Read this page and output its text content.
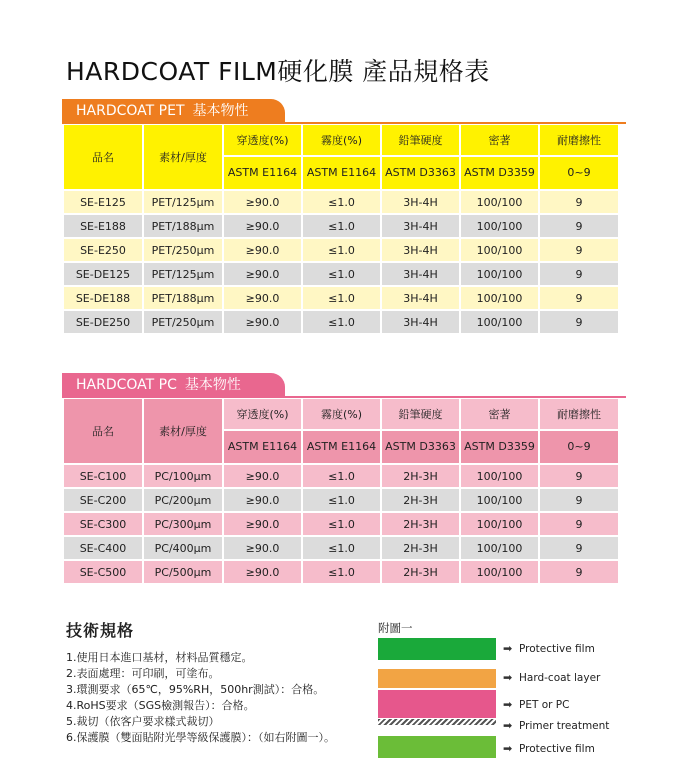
HARDCOAT FILM硬化膜 產品規格表
HARDCOAT PET 基本物性
品名	素材/厚度	穿透度(%)	霧度(%)	鉛筆硬度	密著	耐磨擦性
		ASTM E1164	ASTM E1164	ASTM D3363	ASTM D3359	0~9
SE-E125	PET/125μm	≥90.0	≤1.0	3H-4H	100/100	9
SE-E188	PET/188μm	≥90.0	≤1.0	3H-4H	100/100	9
SE-E250	PET/250μm	≥90.0	≤1.0	3H-4H	100/100	9
SE-DE125	PET/125μm	≥90.0	≤1.0	3H-4H	100/100	9
SE-DE188	PET/188μm	≥90.0	≤1.0	3H-4H	100/100	9
SE-DE250	PET/250μm	≥90.0	≤1.0	3H-4H	100/100	9
HARDCOAT PC 基本物性
品名	素材/厚度	穿透度(%)	霧度(%)	鉛筆硬度	密著	耐磨擦性
		ASTM E1164	ASTM E1164	ASTM D3363	ASTM D3359	0~9
SE-C100	PC/100μm	≥90.0	≤1.0	2H-3H	100/100	9
SE-C200	PC/200μm	≥90.0	≤1.0	2H-3H	100/100	9
SE-C300	PC/300μm	≥90.0	≤1.0	2H-3H	100/100	9
SE-C400	PC/400μm	≥90.0	≤1.0	2H-3H	100/100	9
SE-C500	PC/500μm	≥90.0	≤1.0	2H-3H	100/100	9
技術規格
1.使用日本進口基材，材料品質穩定。
2.表面處理：可印刷，可塗布。
3.環測要求（65℃，95%RH，500hr測試）：合格。
4.RoHS要求（SGS檢測報告）：合格。
5.裁切（依客户要求樣式裁切）
6.保護膜（雙面貼附光學等級保護膜）：（如右附圖一）。
附圖一
➡ Protective film
➡ Hard-coat layer
➡ PET or PC
➡ Primer treatment
➡ Protective film
